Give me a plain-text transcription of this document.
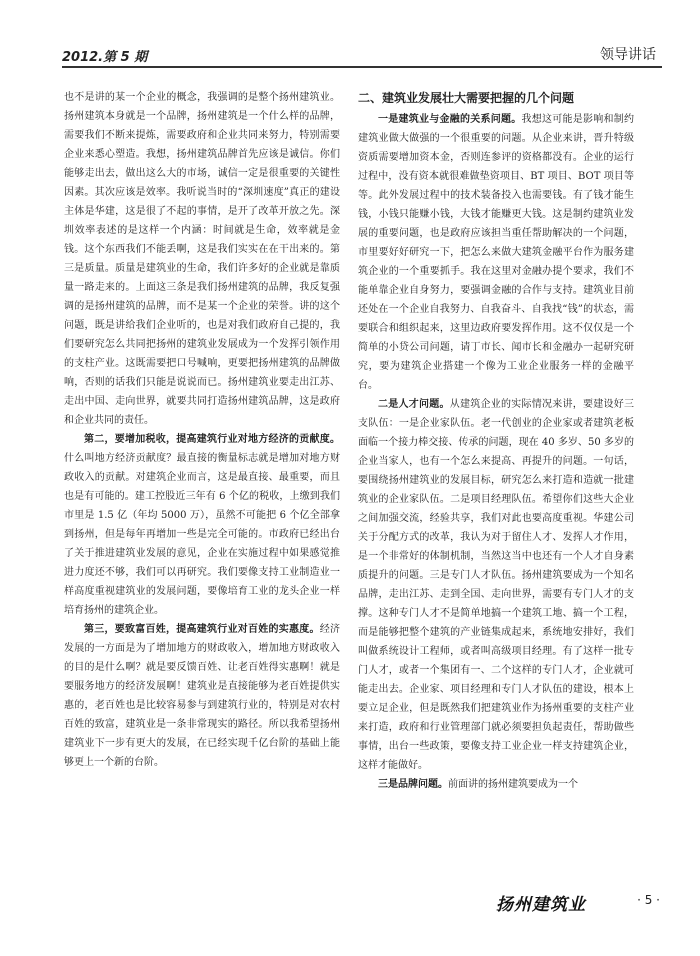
2012.第 5 期	领导讲话

也不是讲的某一个企业的概念，我强调的是整个扬州建筑业。扬州建筑本身就是一个品牌，扬州建筑是一个什么样的品牌，需要我们不断来提炼，需要政府和企业共同来努力，特别需要企业来悉心塑造。我想，扬州建筑品牌首先应该是诚信。你们能够走出去，做出这么大的市场，诚信一定是很重要的关键性因素。其次应该是效率。我听说当时的“深圳速度”真正的建设主体是华建，这是很了不起的事情，是开了改革开放之先。深圳效率表述的是这样一个内涵：时间就是生命，效率就是金钱。这个东西我们不能丢啊，这是我们实实在在干出来的。第三是质量。质量是建筑业的生命，我们许多好的企业就是靠质量一路走来的。上面这三条是我们扬州建筑的品牌，我反复强调的是扬州建筑的品牌，而不是某一个企业的荣誉。讲的这个问题，既是讲给我们企业听的，也是对我们政府自己提的，我们要研究怎么共同把扬州的建筑业发展成为一个发挥引领作用的支柱产业。这既需要把口号喊响，更要把扬州建筑的品牌做响，否则的话我们只能是说说而已。扬州建筑业要走出江苏、走出中国、走向世界，就要共同打造扬州建筑品牌，这是政府和企业共同的责任。

第二，要增加税收，提高建筑行业对地方经济的贡献度。什么叫地方经济贡献度？最直接的衡量标志就是增加对地方财政收入的贡献。对建筑企业而言，这是最直接、最重要，而且也是有可能的。建工控股近三年有 6 个亿的税收，上缴到我们市里是 1.5 亿（年均 5000 万），虽然不可能把 6 个亿全部拿到扬州，但是每年再增加一些是完全可能的。市政府已经出台了关于推进建筑业发展的意见，企业在实施过程中如果感觉推进力度还不够，我们可以再研究。我们要像支持工业制造业一样高度重视建筑业的发展问题，要像培育工业的龙头企业一样培育扬州的建筑企业。

第三，要致富百姓，提高建筑行业对百姓的实惠度。经济发展的一方面是为了增加地方的财政收入，增加地方财政收入的目的是什么啊？就是要反馈百姓、让老百姓得实惠啊！就是要服务地方的经济发展啊！建筑业是直接能够为老百姓提供实惠的，老百姓也是比较容易参与到建筑行业的，特别是对农村百姓的致富，建筑业是一条非常现实的路径。所以我希望扬州建筑业下一步有更大的发展，在已经实现千亿台阶的基础上能够更上一个新的台阶。

二、建筑业发展壮大需要把握的几个问题

一是建筑业与金融的关系问题。我想这可能是影响和制约建筑业做大做强的一个很重要的问题。从企业来讲，晋升特级资质需要增加资本金，否则连参评的资格都没有。企业的运行过程中，没有资本就很难做垫资项目、BT 项目、BOT 项目等等。此外发展过程中的技术装备投入也需要钱。有了钱才能生钱，小钱只能赚小钱，大钱才能赚更大钱。这是制约建筑业发展的重要问题，也是政府应该担当重任帮助解决的一个问题，市里要好好研究一下，把怎么来做大建筑金融平台作为服务建筑企业的一个重要抓手。我在这里对金融办提个要求，我们不能单靠企业自身努力，要强调金融的合作与支持。建筑业目前还处在一个企业自我努力、自我奋斗、自我找“钱”的状态，需要联合和组织起来，这里边政府要发挥作用。这不仅仅是一个简单的小贷公司问题，请丁市长、闻市长和金融办一起研究研究，要为建筑企业搭建一个像为工业企业服务一样的金融平台。

二是人才问题。从建筑企业的实际情况来讲，要建设好三支队伍：一是企业家队伍。老一代创业的企业家或者建筑老板面临一个接力棒交接、传承的问题，现在 40 多岁、50 多岁的企业当家人，也有一个怎么来提高、再提升的问题。一句话，要围绕扬州建筑业的发展目标，研究怎么来打造和造就一批建筑业的企业家队伍。二是项目经理队伍。希望你们这些大企业之间加强交流，经验共享，我们对此也要高度重视。华建公司关于分配方式的改革，我认为对于留住人才、发挥人才作用，是一个非常好的体制机制，当然这当中也还有一个人才自身素质提升的问题。三是专门人才队伍。扬州建筑要成为一个知名品牌，走出江苏、走到全国、走向世界，需要有专门人才的支撑。这种专门人才不是简单地搞一个建筑工地、搞一个工程，而是能够把整个建筑的产业链集成起来，系统地安排好，我们叫做系统设计工程师，或者叫高级项目经理。有了这样一批专门人才，或者一个集团有一、二个这样的专门人才，企业就可能走出去。企业家、项目经理和专门人才队伍的建设，根本上要立足企业，但是既然我们把建筑业作为扬州重要的支柱产业来打造，政府和行业管理部门就必须要担负起责任，帮助做些事情，出台一些政策，要像支持工业企业一样支持建筑企业，这样才能做好。

三是品牌问题。前面讲的扬州建筑要成为一个

扬州建筑业	· 5 ·
